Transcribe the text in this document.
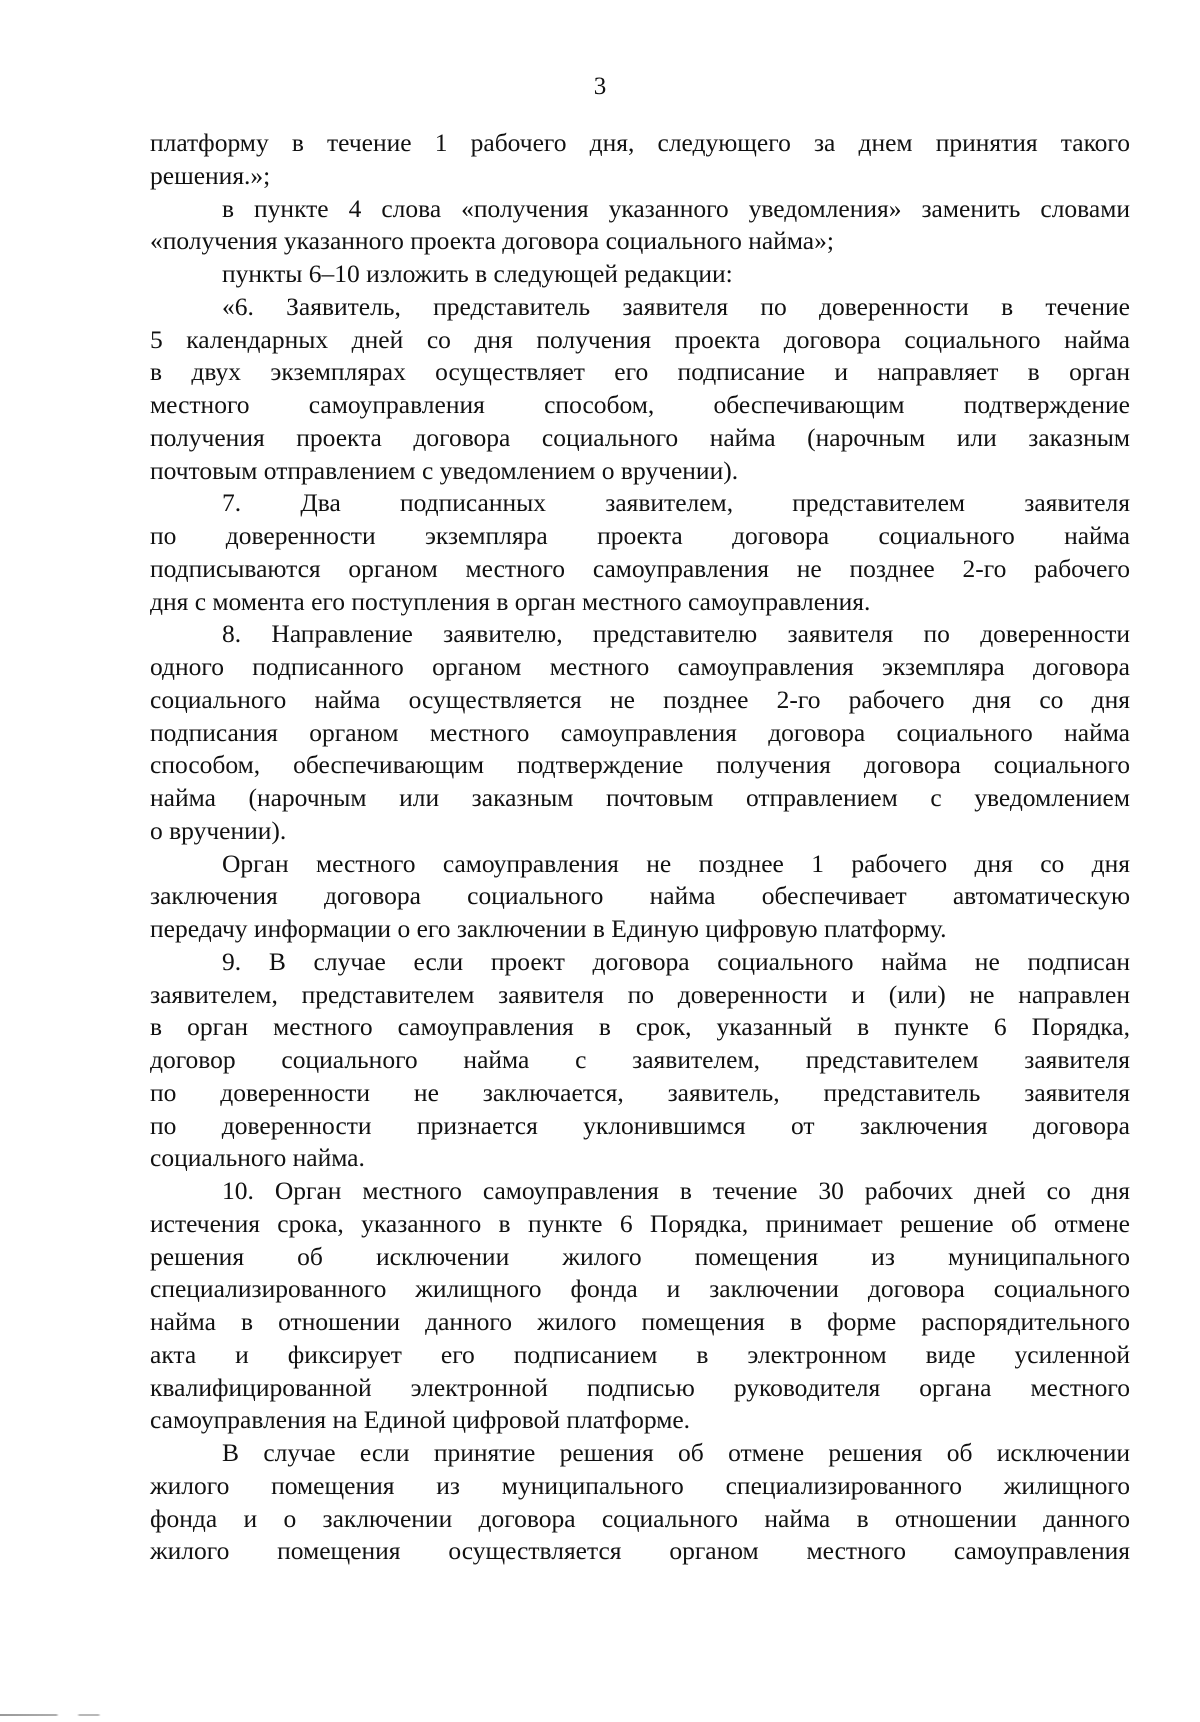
3

платформу в течение 1 рабочего дня, следующего за днем принятия такого
решения.»;

в пункте 4 слова «получения указанного уведомления» заменить словами
«получения указанного проекта договора социального найма»;

пункты 6–10 изложить в следующей редакции:

«6. Заявитель, представитель заявителя по доверенности в течение
5 календарных дней со дня получения проекта договора социального найма
в двух экземплярах осуществляет его подписание и направляет в орган
местного самоуправления способом, обеспечивающим подтверждение
получения проекта договора социального найма (нарочным или заказным
почтовым отправлением с уведомлением о вручении).

7. Два подписанных заявителем, представителем заявителя
по доверенности экземпляра проекта договора социального найма
подписываются органом местного самоуправления не позднее 2-го рабочего
дня с момента его поступления в орган местного самоуправления.

8. Направление заявителю, представителю заявителя по доверенности
одного подписанного органом местного самоуправления экземпляра договора
социального найма осуществляется не позднее 2-го рабочего дня со дня
подписания органом местного самоуправления договора социального найма
способом, обеспечивающим подтверждение получения договора социального
найма (нарочным или заказным почтовым отправлением с уведомлением
о вручении).

Орган местного самоуправления не позднее 1 рабочего дня со дня
заключения договора социального найма обеспечивает автоматическую
передачу информации о его заключении в Единую цифровую платформу.

9. В случае если проект договора социального найма не подписан
заявителем, представителем заявителя по доверенности и (или) не направлен
в орган местного самоуправления в срок, указанный в пункте 6 Порядка,
договор социального найма с заявителем, представителем заявителя
по доверенности не заключается, заявитель, представитель заявителя
по доверенности признается уклонившимся от заключения договора
социального найма.

10. Орган местного самоуправления в течение 30 рабочих дней со дня
истечения срока, указанного в пункте 6 Порядка, принимает решение об отмене
решения об исключении жилого помещения из муниципального
специализированного жилищного фонда и заключении договора социального
найма в отношении данного жилого помещения в форме распорядительного
акта и фиксирует его подписанием в электронном виде усиленной
квалифицированной электронной подписью руководителя органа местного
самоуправления на Единой цифровой платформе.

В случае если принятие решения об отмене решения об исключении
жилого помещения из муниципального специализированного жилищного
фонда и о заключении договора социального найма в отношении данного
жилого помещения осуществляется органом местного самоуправления
